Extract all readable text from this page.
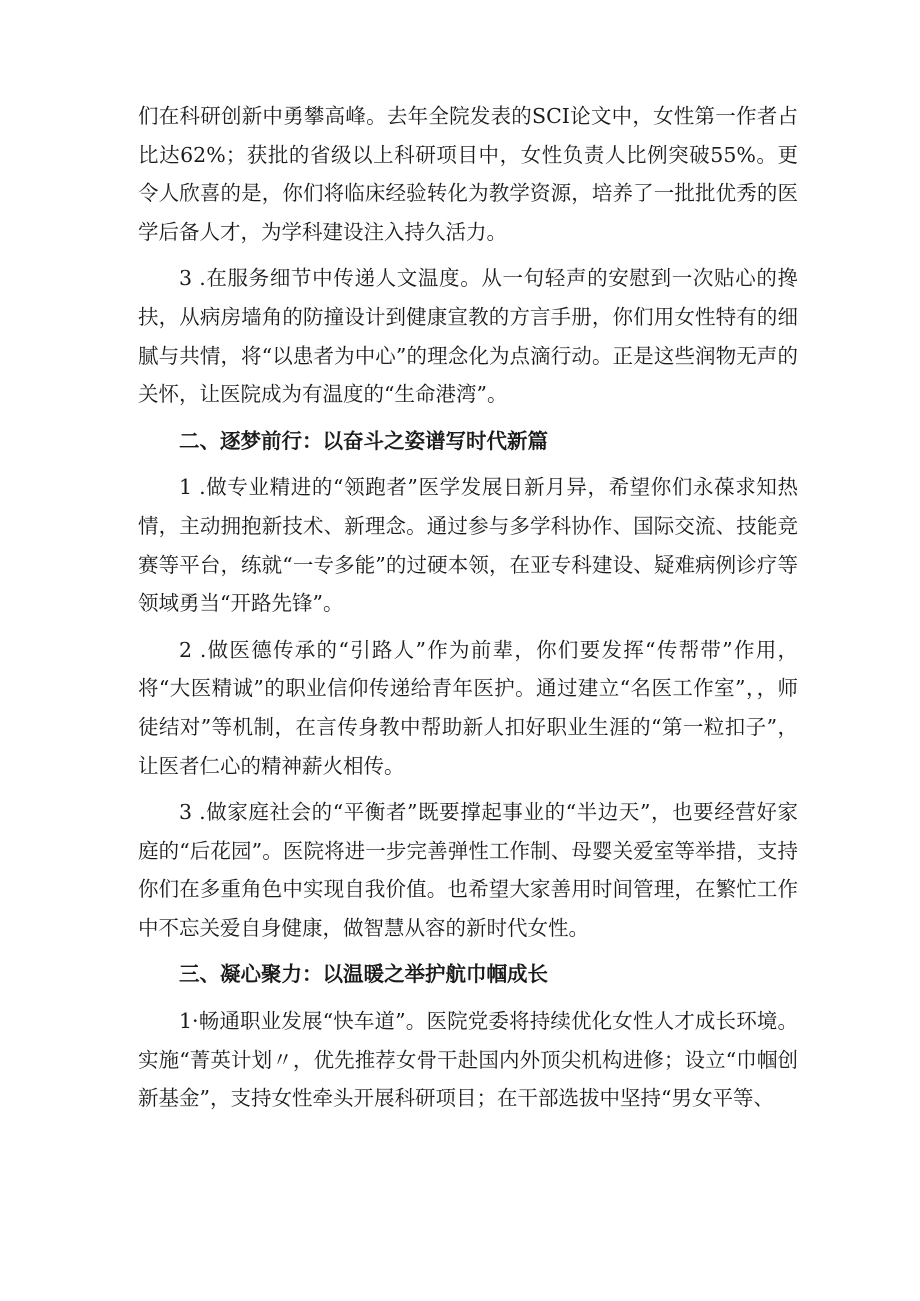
们在科研创新中勇攀高峰。去年全院发表的SCI论文中，女性第一作者占比达62%；获批的省级以上科研项目中，女性负责人比例突破55%。更令人欣喜的是，你们将临床经验转化为教学资源，培养了一批批优秀的医学后备人才，为学科建设注入持久活力。

3 .在服务细节中传递人文温度。从一句轻声的安慰到一次贴心的搀扶，从病房墙角的防撞设计到健康宣教的方言手册，你们用女性特有的细腻与共情，将“以患者为中心”的理念化为点滴行动。正是这些润物无声的关怀，让医院成为有温度的“生命港湾”。

二、逐梦前行：以奋斗之姿谱写时代新篇

1 .做专业精进的“领跑者”医学发展日新月异，希望你们永葆求知热情，主动拥抱新技术、新理念。通过参与多学科协作、国际交流、技能竞赛等平台，练就“一专多能”的过硬本领，在亚专科建设、疑难病例诊疗等领域勇当“开路先锋”。

2 .做医德传承的“引路人”作为前辈，你们要发挥“传帮带”作用，将“大医精诚”的职业信仰传递给青年医护。通过建立“名医工作室”，，师徒结对”等机制，在言传身教中帮助新人扣好职业生涯的“第一粒扣子”，让医者仁心的精神薪火相传。

3 .做家庭社会的“平衡者”既要撑起事业的“半边天”，也要经营好家庭的“后花园”。医院将进一步完善弹性工作制、母婴关爱室等举措，支持你们在多重角色中实现自我价值。也希望大家善用时间管理，在繁忙工作中不忘关爱自身健康，做智慧从容的新时代女性。

三、凝心聚力：以温暖之举护航巾帼成长

1·畅通职业发展“快车道”。医院党委将持续优化女性人才成长环境。实施“菁英计划〃，优先推荐女骨干赴国内外顶尖机构进修；设立“巾帼创新基金”，支持女性牵头开展科研项目；在干部选拔中坚持“男女平等、
